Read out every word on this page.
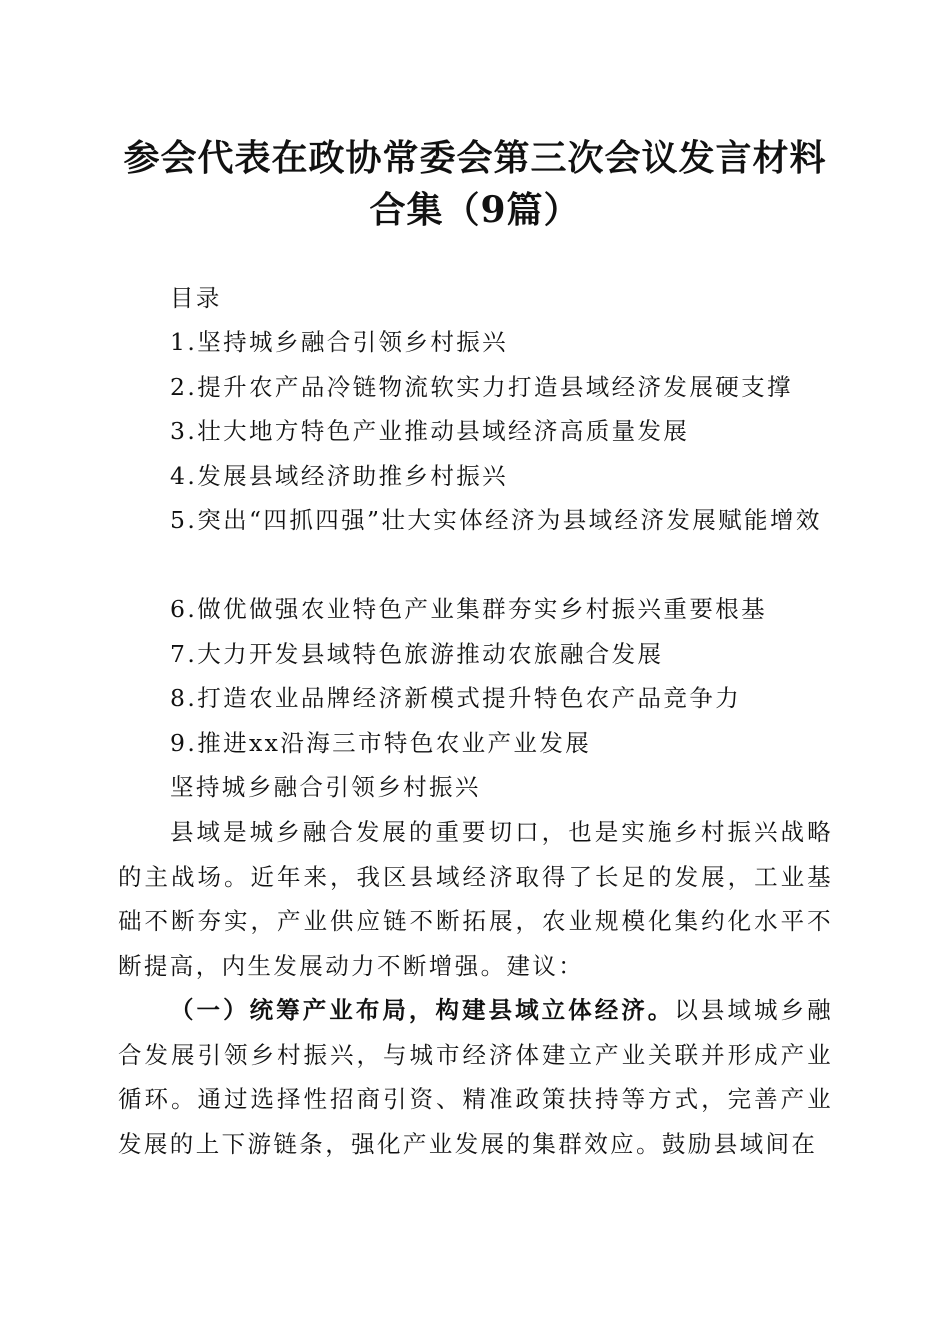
参会代表在政协常委会第三次会议发言材料合集（9篇）
目录
1.坚持城乡融合引领乡村振兴
2.提升农产品冷链物流软实力打造县域经济发展硬支撑
3.壮大地方特色产业推动县域经济高质量发展
4.发展县域经济助推乡村振兴
5.突出“四抓四强”壮大实体经济为县域经济发展赋能增效
6.做优做强农业特色产业集群夯实乡村振兴重要根基
7.大力开发县域特色旅游推动农旅融合发展
8.打造农业品牌经济新模式提升特色农产品竞争力
9.推进xx沿海三市特色农业产业发展
坚持城乡融合引领乡村振兴
县域是城乡融合发展的重要切口，也是实施乡村振兴战略的主战场。近年来，我区县域经济取得了长足的发展，工业基础不断夯实，产业供应链不断拓展，农业规模化集约化水平不断提高，内生发展动力不断增强。建议：
（一）统筹产业布局，构建县域立体经济。以县域城乡融合发展引领乡村振兴，与城市经济体建立产业关联并形成产业循环。通过选择性招商引资、精准政策扶持等方式，完善产业发展的上下游链条，强化产业发展的集群效应。鼓励县域间在
